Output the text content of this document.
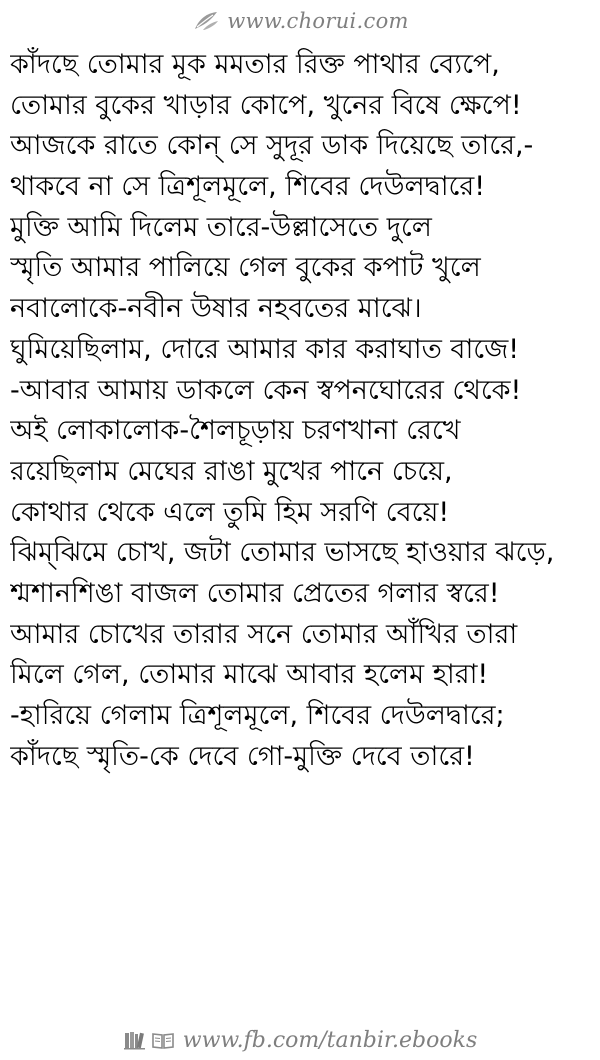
www.chorui.com
কাঁদছে তোমার মূক মমতার রিক্ত পাথার ব্যেপে,
তোমার বুকের খাড়ার কোপে, খুনের বিষে ক্ষেপে!
আজকে রাতে কোন্ সে সুদূর ডাক দিয়েছে তারে,-
থাকবে না সে ত্রিশূলমূলে, শিবের দেউলদ্বারে!
মুক্তি আমি দিলেম তারে-উল্লাসেতে দুলে
স্মৃতি আমার পালিয়ে গেল বুকের কপাট খুলে
নবালোকে-নবীন উষার নহবতের মাঝে।
ঘুমিয়েছিলাম, দোরে আমার কার করাঘাত বাজে!
-আবার আমায় ডাকলে কেন স্বপনঘোরের থেকে!
অই লোকালোক-শৈলচূড়ায় চরণখানা রেখে
রয়েছিলাম মেঘের রাঙা মুখের পানে চেয়ে,
কোথার থেকে এলে তুমি হিম সরণি বেয়ে!
ঝিম্‌ঝিমে চোখ, জটা তোমার ভাসছে হাওয়ার ঝড়ে,
শ্মশানশিঙা বাজল তোমার প্রেতের গলার স্বরে!
আমার চোখের তারার সনে তোমার আঁখির তারা
মিলে গেল, তোমার মাঝে আবার হলেম হারা!
-হারিয়ে গেলাম ত্রিশূলমূলে, শিবের দেউলদ্বারে;
কাঁদছে স্মৃতি-কে দেবে গো-মুক্তি দেবে তারে!
www.fb.com/tanbir.ebooks
